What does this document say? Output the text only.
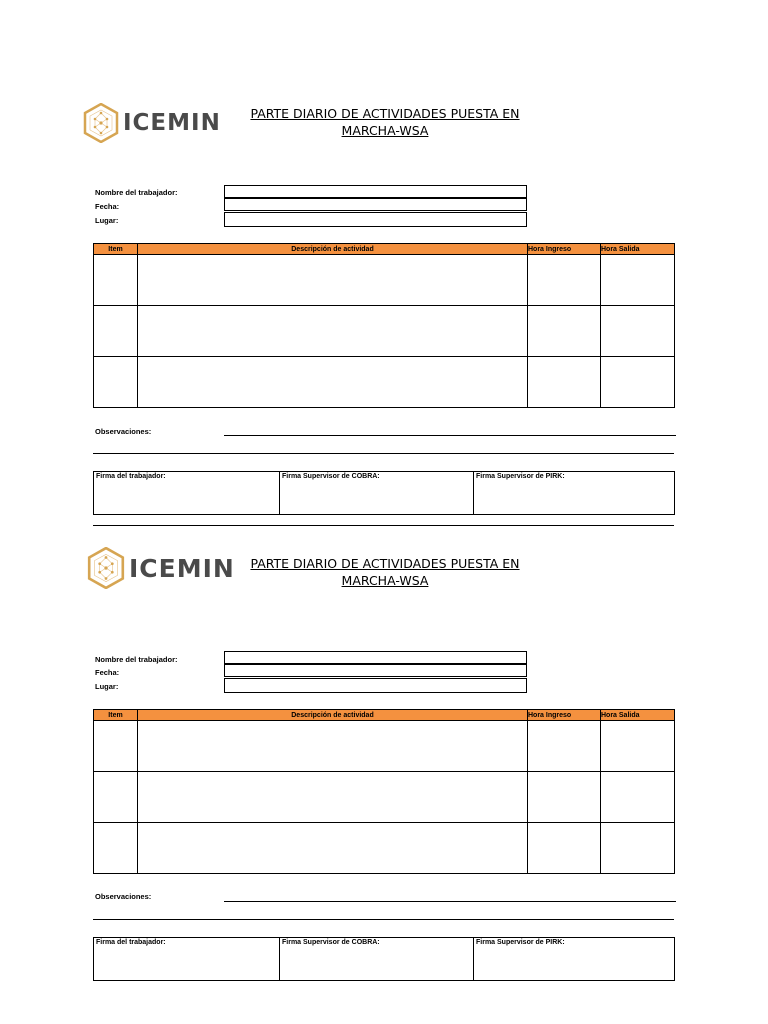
ICEMIN	PARTE DIARIO DE ACTIVIDADES PUESTA EN
MARCHA-WSA
Nombre del trabajador:
Fecha:
Lugar:
Item	Descripción de actividad	Hora Ingreso	Hora Salida

Observaciones:
Firma del trabajador:	Firma Supervisor de COBRA:	Firma Supervisor de PIRK:
ICEMIN	PARTE DIARIO DE ACTIVIDADES PUESTA EN
MARCHA-WSA
Nombre del trabajador:
Fecha:
Lugar:
Item	Descripción de actividad	Hora Ingreso	Hora Salida

Observaciones:
Firma del trabajador:	Firma Supervisor de COBRA:	Firma Supervisor de PIRK:
